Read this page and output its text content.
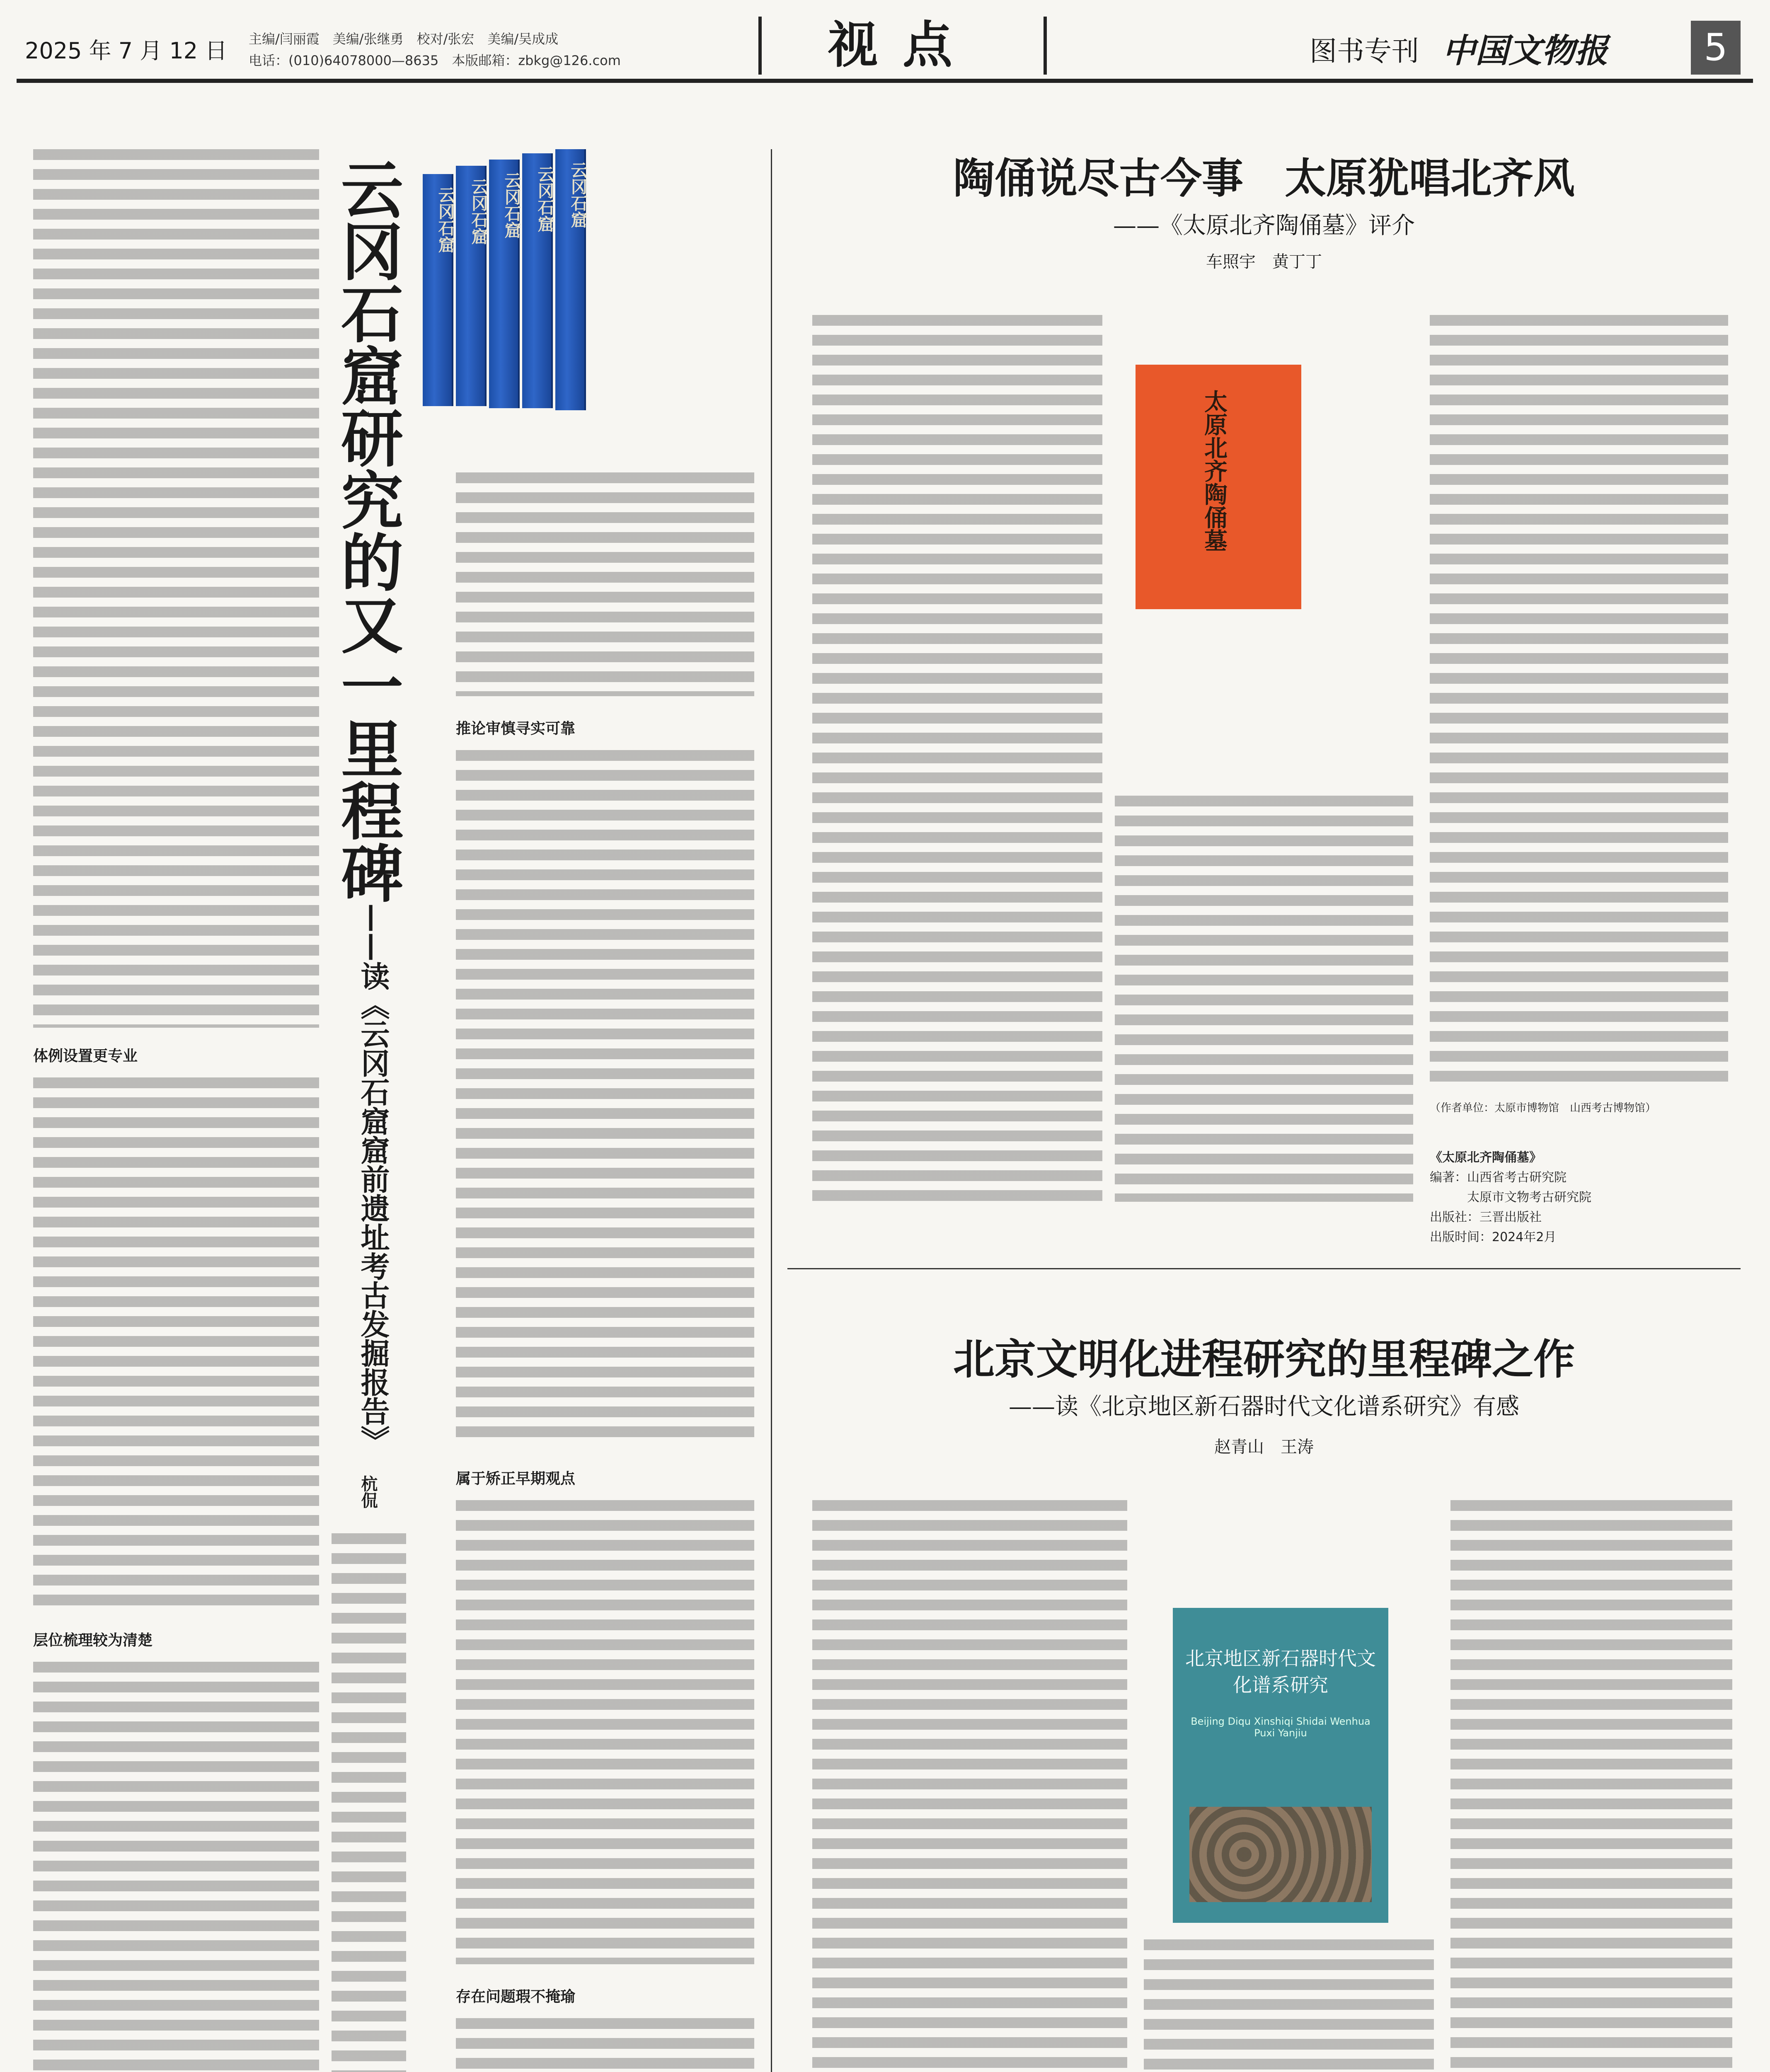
2025 年 7 月 12 日 主编/闫丽霞　美编/张继勇　校对/张宏　美编/吴成成
电话：(010)64078000—8635　本版邮箱：zbkg@126.com	视点	图书专刊 中国文物报	5
云冈石窟研究的又一里程碑
——读《云冈石窟窟前遗址考古发掘报告》
杭侃
云冈石窟 云冈石窟 云冈石窟 云冈石窟 云冈石窟
体例设置更专业
层位梳理较为清楚
推论审慎寻实可靠
属于矫正早期观点
存在问题瑕不掩瑜
陶俑说尽古今事　太原犹唱北齐风
——《太原北齐陶俑墓》评介
车照宇　黄丁丁
太原北齐陶俑墓
（作者单位：太原市博物馆　山西考古博物馆）
《太原北齐陶俑墓》
编著：山西省考古研究院
太原市文物考古研究院
出版社：三晋出版社
出版时间：2024年2月
北京文明化进程研究的里程碑之作
——读《北京地区新石器时代文化谱系研究》有感
赵青山　王涛
北京地区新石器时代文化谱系研究
Beijing Diqu Xinshiqi Shidai Wenhua Puxi Yanjiu
